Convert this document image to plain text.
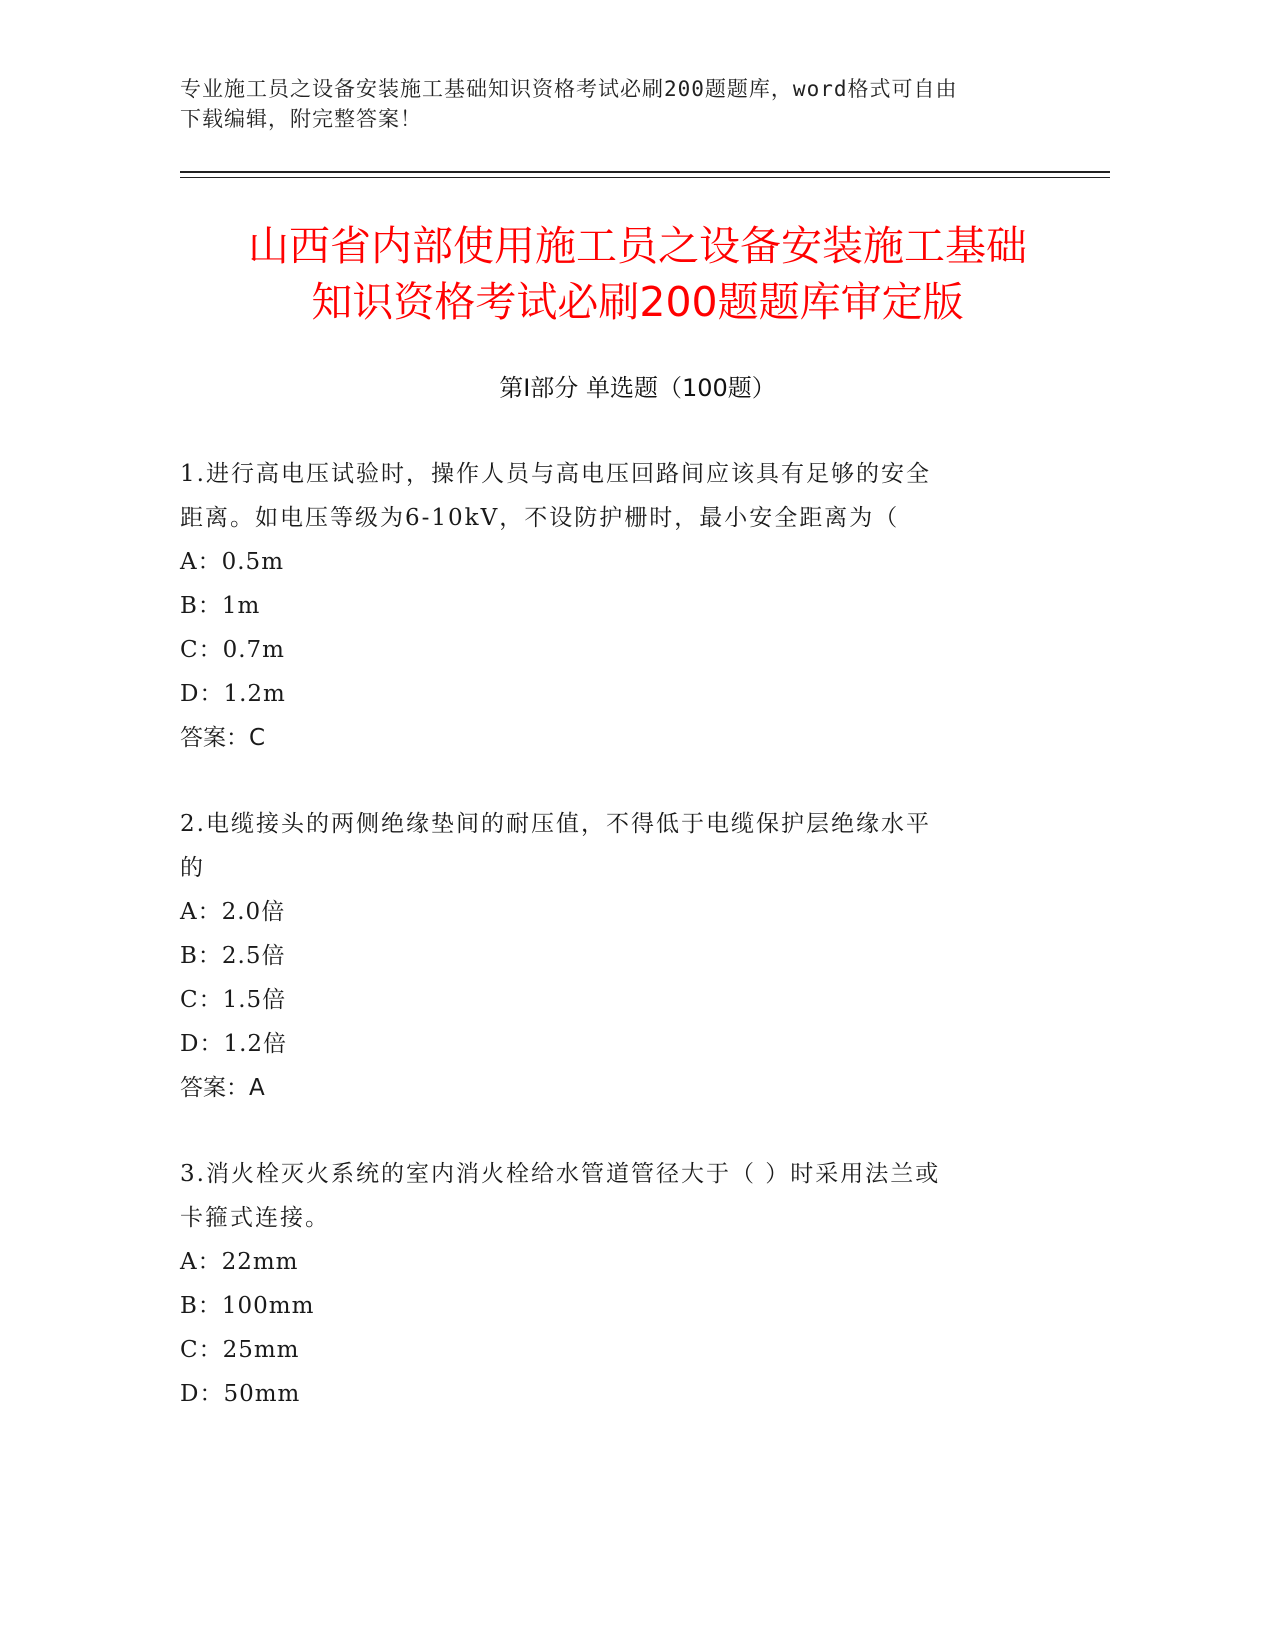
专业施工员之设备安装施工基础知识资格考试必刷200题题库，word格式可自由
下载编辑，附完整答案！
山西省内部使用施工员之设备安装施工基础
知识资格考试必刷200题题库审定版
第Ⅰ部分 单选题（100题）
1.进行高电压试验时，操作人员与高电压回路间应该具有足够的安全
距离。如电压等级为6-10kV，不设防护栅时，最小安全距离为（
A：0.5m
B：1m
C：0.7m
D：1.2m
答案：C
2.电缆接头的两侧绝缘垫间的耐压值，不得低于电缆保护层绝缘水平
的
A：2.0倍
B：2.5倍
C：1.5倍
D：1.2倍
答案：A
3.消火栓灭火系统的室内消火栓给水管道管径大于（ ）时采用法兰或
卡箍式连接。
A：22mm
B：100mm
C：25mm
D：50mm
